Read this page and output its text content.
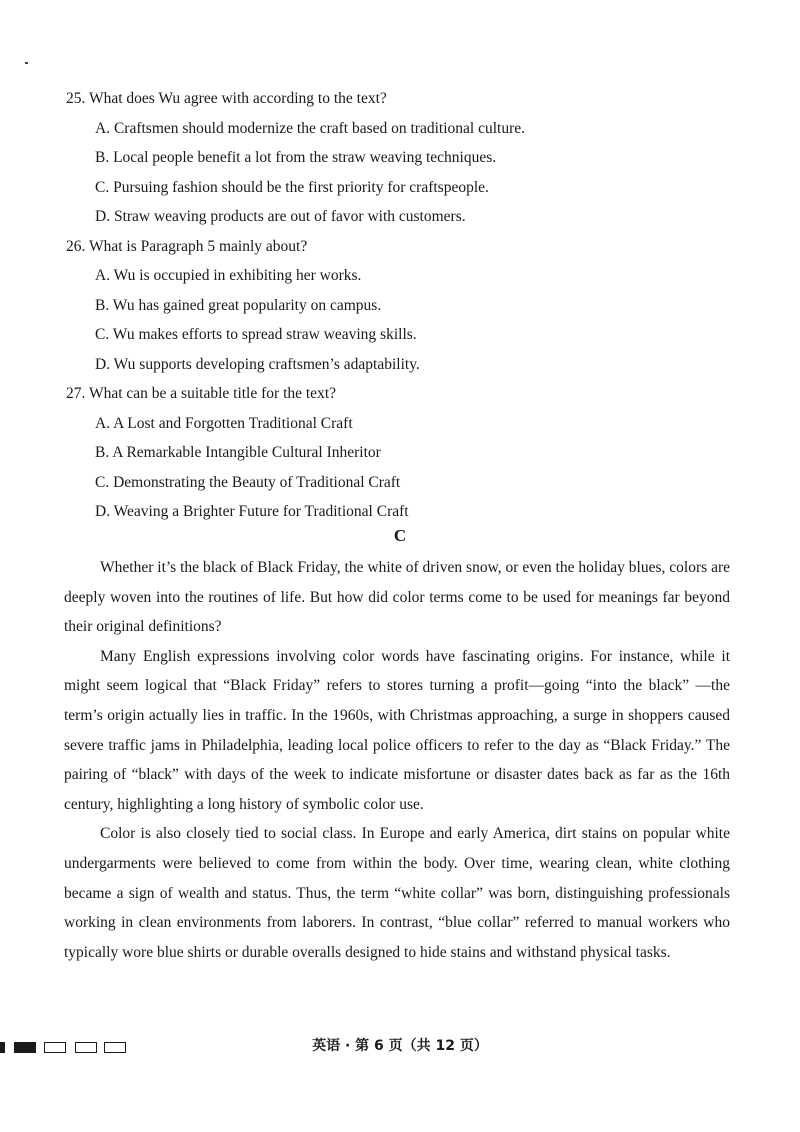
25. What does Wu agree with according to the text?

A. Craftsmen should modernize the craft based on traditional culture.

B. Local people benefit a lot from the straw weaving techniques.

C. Pursuing fashion should be the first priority for craftspeople.

D. Straw weaving products are out of favor with customers.

26. What is Paragraph 5 mainly about?

A. Wu is occupied in exhibiting her works.

B. Wu has gained great popularity on campus.

C. Wu makes efforts to spread straw weaving skills.

D. Wu supports developing craftsmen’s adaptability.

27. What can be a suitable title for the text?

A. A Lost and Forgotten Traditional Craft

B. A Remarkable Intangible Cultural Inheritor

C. Demonstrating the Beauty of Traditional Craft

D. Weaving a Brighter Future for Traditional Craft

C

Whether it’s the black of Black Friday, the white of driven snow, or even the holiday blues, colors are deeply woven into the routines of life. But how did color terms come to be used for meanings far beyond their original definitions?

Many English expressions involving color words have fascinating origins. For instance, while it might seem logical that “Black Friday” refers to stores turning a profit—going “into the black” —the term’s origin actually lies in traffic. In the 1960s, with Christmas approaching, a surge in shoppers caused severe traffic jams in Philadelphia, leading local police officers to refer to the day as “Black Friday.” The pairing of “black” with days of the week to indicate misfortune or disaster dates back as far as the 16th century, highlighting a long history of symbolic color use.

Color is also closely tied to social class. In Europe and early America, dirt stains on popular white undergarments were believed to come from within the body. Over time, wearing clean, white clothing became a sign of wealth and status. Thus, the term “white collar” was born, distinguishing professionals working in clean environments from laborers. In contrast, “blue collar” referred to manual workers who typically wore blue shirts or durable overalls designed to hide stains and withstand physical tasks.

英语 · 第 6 页（共 12 页）
